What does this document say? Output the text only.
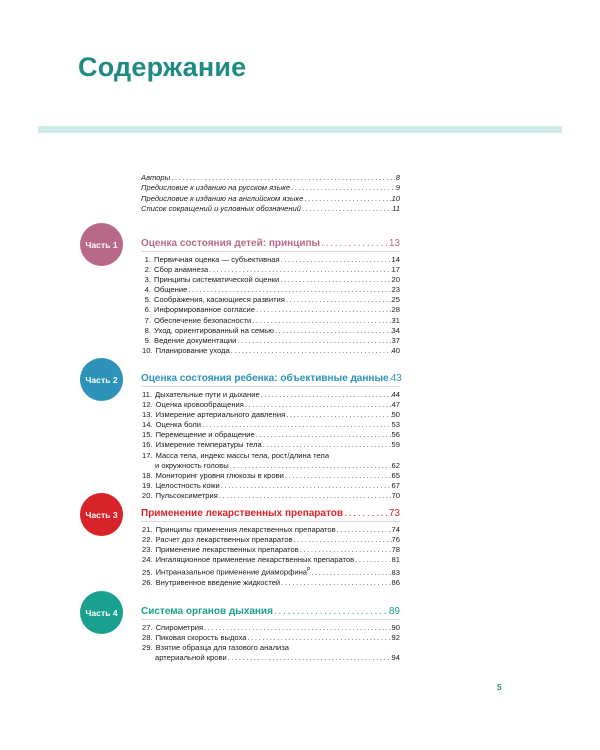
Содержание
Авторы .....	8
Предисловие к изданию на русском языке .....	9
Предисловие к изданию на английском языке .....	10
Список сокращений и условных обозначений .....	11
Часть 1	Оценка состояния детей: принципы .....	13
1. Первичная оценка — субъективная .....	14
2. Сбор анамнеза .....	17
3. Принципы систематической оценки .....	20
4. Общение .....	23
5. Соображения, касающиеся развития .....	25
6. Информированное согласие .....	28
7. Обеспечение безопасности .....	31
8. Уход, ориентированный на семью .....	34
9. Ведение документации .....	37
10. Планирование ухода .....	40
Часть 2	Оценка состояния ребенка: объективные данные ..... 43
11. Дыхательные пути и дыхание .....	44
12. Оценка кровообращения .....	47
13. Измерение артериального давления .....	50
14. Оценка боли .....	53
15. Перемещение и обращение .....	56
16. Измерение температуры тела .....	59
17. Масса тела, индекс массы тела, рост/длина тела
и окружность головы .....	62
18. Мониторинг уровня глюкозы в крови .....	65
19. Целостность кожи .....	67
20. Пульсоксиметрия .....	70
Часть 3	Применение лекарственных препаратов .....	73
21. Принципы применения лекарственных препаратов .....	74
22. Расчет доз лекарственных препаратов .....	76
23. Применение лекарственных препаратов .....	78
24. Ингаляционное применение лекарственных препаратов .....	81
25. Интраназальное применение диаморфина$^Р$ .....	83
26. Внутривенное введение жидкостей .....	86
Часть 4	Система органов дыхания .....	89
27. Спирометрия .....	90
28. Пиковая скорость выдоха .....	92
29. Взятие образца для газового анализа
артериальной крови .....	94
5
